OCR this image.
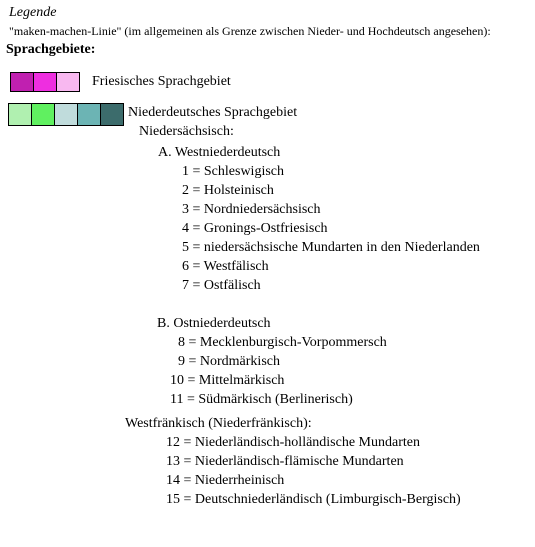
Legende
"maken-machen-Linie" (im allgemeinen als Grenze zwischen Nieder- und Hochdeutsch angesehen):
Sprachgebiete:
Friesisches Sprachgebiet
Niederdeutsches Sprachgebiet
Niedersächsisch:
A. Westniederdeutsch
1 = Schleswigisch
2 = Holsteinisch
3 = Nordniedersächsisch
4 = Gronings-Ostfriesisch
5 = niedersächsische Mundarten in den Niederlanden
6 = Westfälisch
7 = Ostfälisch
B. Ostniederdeutsch
8 = Mecklenburgisch-Vorpommersch
9 = Nordmärkisch
10 = Mittelmärkisch
11 = Südmärkisch (Berlinerisch)
Westfränkisch (Niederfränkisch):
12 = Niederländisch-holländische Mundarten
13 = Niederländisch-flämische Mundarten
14 = Niederrheinisch
15 = Deutschniederländisch (Limburgisch-Bergisch)
